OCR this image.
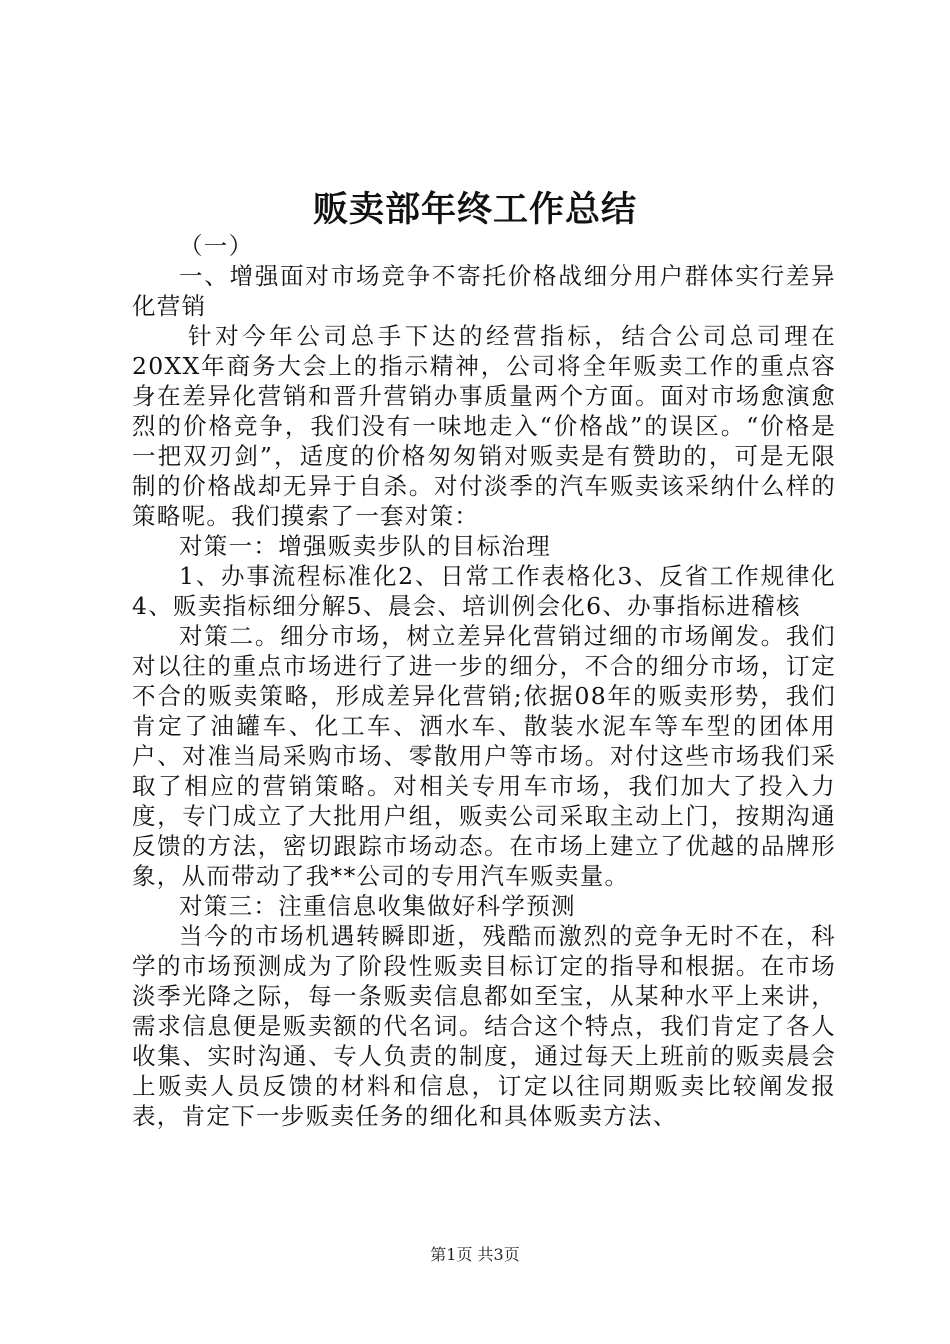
贩卖部年终工作总结

（一）

一、增强面对市场竞争不寄托价格战细分用户群体实行差异化营销

针对今年公司总手下达的经营指标，结合公司总司理在20XX年商务大会上的指示精神，公司将全年贩卖工作的重点容身在差异化营销和晋升营销办事质量两个方面。面对市场愈演愈烈的价格竞争，我们没有一味地走入“价格战”的误区。“价格是一把双刃剑”，适度的价格匆匆销对贩卖是有赞助的，可是无限制的价格战却无异于自杀。对付淡季的汽车贩卖该采纳什么样的策略呢。我们摸索了一套对策：

对策一：增强贩卖步队的目标治理

1、办事流程标准化2、日常工作表格化3、反省工作规律化4、贩卖指标细分解5、晨会、培训例会化6、办事指标进稽核

对策二。细分市场，树立差异化营销过细的市场阐发。我们对以往的重点市场进行了进一步的细分，不合的细分市场，订定不合的贩卖策略，形成差异化营销;依据08年的贩卖形势，我们肯定了油罐车、化工车、洒水车、散装水泥车等车型的团体用户、对准当局采购市场、零散用户等市场。对付这些市场我们采取了相应的营销策略。对相关专用车市场，我们加大了投入力度，专门成立了大批用户组，贩卖公司采取主动上门，按期沟通反馈的方法，密切跟踪市场动态。在市场上建立了优越的品牌形象，从而带动了我**公司的专用汽车贩卖量。

对策三：注重信息收集做好科学预测

当今的市场机遇转瞬即逝，残酷而激烈的竞争无时不在，科学的市场预测成为了阶段性贩卖目标订定的指导和根据。在市场淡季光降之际，每一条贩卖信息都如至宝，从某种水平上来讲，需求信息便是贩卖额的代名词。结合这个特点，我们肯定了各人收集、实时沟通、专人负责的制度，通过每天上班前的贩卖晨会上贩卖人员反馈的材料和信息，订定以往同期贩卖比较阐发报表，肯定下一步贩卖任务的细化和具体贩卖方法、

第1页 共3页
